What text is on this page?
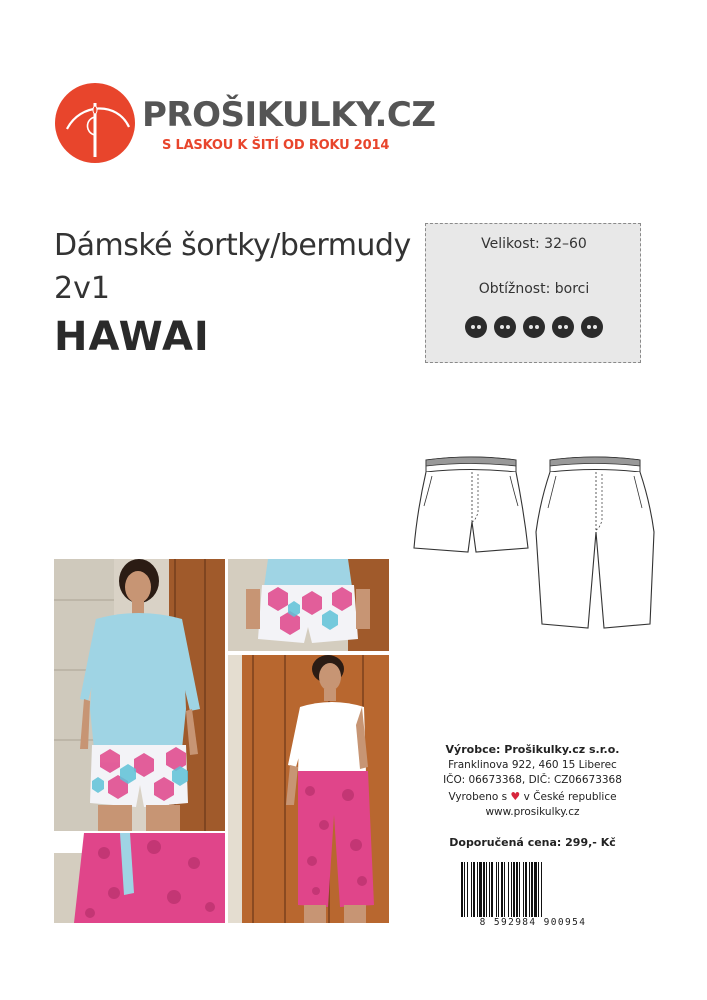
PROŠIKULKY.CZ
S LASKOU K ŠITÍ OD ROKU 2014
Dámské šortky/bermudy
2v1
HAWAI
Velikost: 32–60
Obtížnost: borci
Výrobce: Prošikulky.cz s.r.o.
Franklinova 922, 460 15 Liberec
IČO: 06673368, DIČ: CZ06673368
Vyrobeno s ♥ v České republice
www.prosikulky.cz
Doporučená cena: 299,- Kč
8 592984 900954
